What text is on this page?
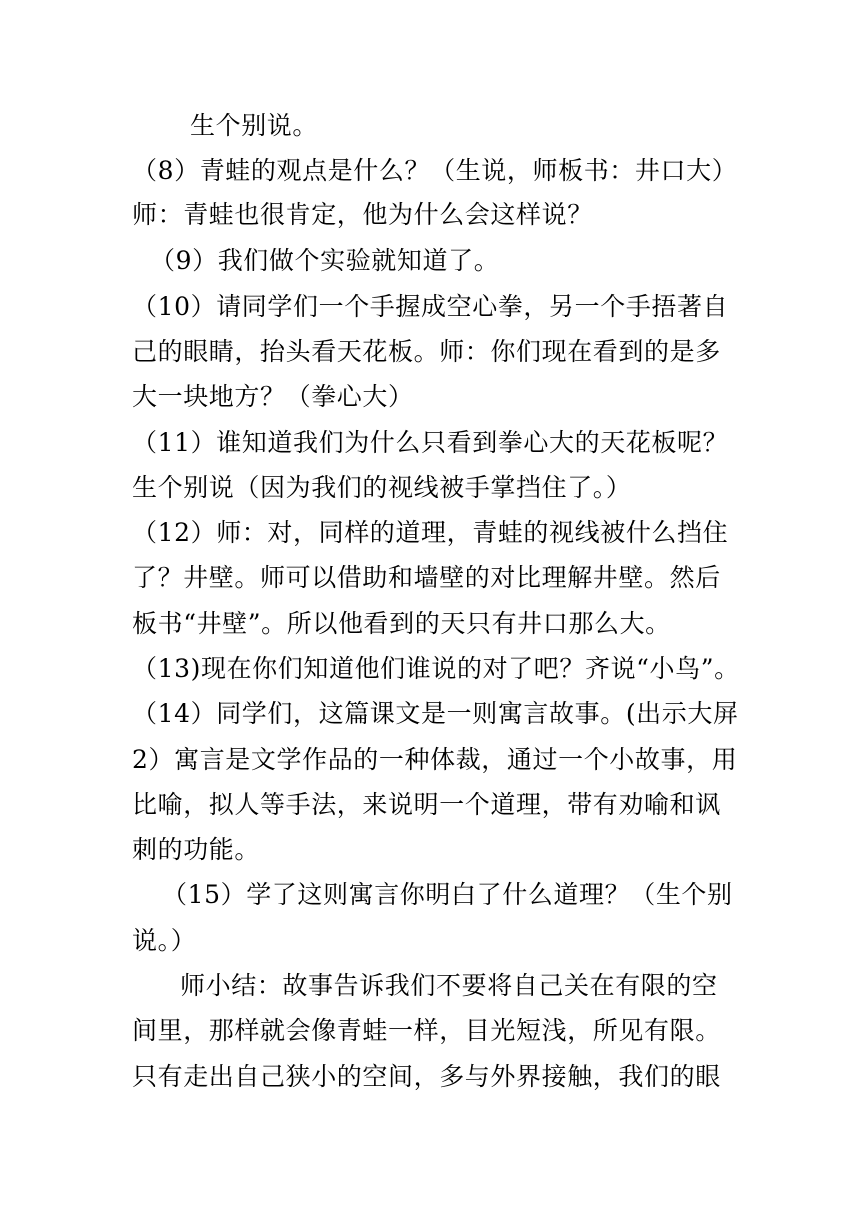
生个别说。
（8）青蛙的观点是什么？（生说，师板书：井口大）
师：青蛙也很肯定，他为什么会这样说？
（9）我们做个实验就知道了。
（10）请同学们一个手握成空心拳，另一个手捂著自
己的眼睛，抬头看天花板。师：你们现在看到的是多
大一块地方？（拳心大）
（11）谁知道我们为什么只看到拳心大的天花板呢？
生个别说（因为我们的视线被手掌挡住了。）
（12）师：对，同样的道理，青蛙的视线被什么挡住
了？井壁。师可以借助和墙壁的对比理解井壁。然后
板书“井壁”。所以他看到的天只有井口那么大。
（13)现在你们知道他们谁说的对了吧？齐说“小鸟”。
（14）同学们，这篇课文是一则寓言故事。(出示大屏
2）寓言是文学作品的一种体裁，通过一个小故事，用
比喻，拟人等手法，来说明一个道理，带有劝喻和讽
刺的功能。
（15）学了这则寓言你明白了什么道理？（生个别
说。）
师小结：故事告诉我们不要将自己关在有限的空
间里，那样就会像青蛙一样，目光短浅，所见有限。
只有走出自己狭小的空间，多与外界接触，我们的眼
